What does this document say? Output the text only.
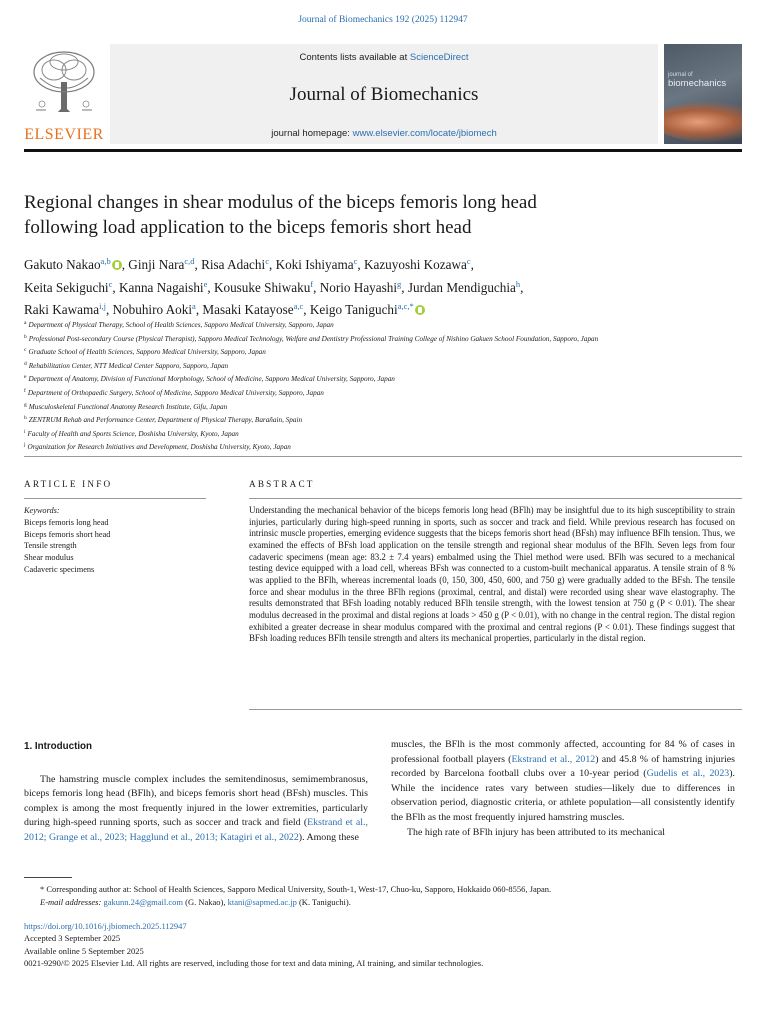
Journal of Biomechanics 192 (2025) 112947
ELSEVIER
Contents lists available at ScienceDirect
Journal of Biomechanics
journal homepage: www.elsevier.com/locate/jbiomech
journal of
biomechanics
Regional changes in shear modulus of the biceps femoris long head
following load application to the biceps femoris short head
Gakuto Nakao$^{a,b}$ , Ginji Nara$^{c,d}$, Risa Adachi$^c$, Koki Ishiyama$^c$, Kazuyoshi Kozawa$^c$,
Keita Sekiguchi$^c$, Kanna Nagaishi$^e$, Kousuke Shiwaku$^f$, Norio Hayashi$^g$, Jurdan Mendiguchia$^h$,
Raki Kawama$^{i,j}$, Nobuhiro Aoki$^a$, Masaki Katayose$^{a,c}$, Keigo Taniguchi$^{a,c,*}$
$^a$ Department of Physical Therapy, School of Health Sciences, Sapporo Medical University, Sapporo, Japan
$^b$ Professional Post-secondary Course (Physical Therapist), Sapporo Medical Technology, Welfare and Dentistry Professional Training College of Nishino Gakuen School Foundation, Sapporo, Japan
$^c$ Graduate School of Health Sciences, Sapporo Medical University, Sapporo, Japan
$^d$ Rehabilitation Center, NTT Medical Center Sapporo, Sapporo, Japan
$^e$ Department of Anatomy, Division of Functional Morphology, School of Medicine, Sapporo Medical University, Sapporo, Japan
$^f$ Department of Orthopaedic Surgery, School of Medicine, Sapporo Medical University, Sapporo, Japan
$^g$ Musculoskeletal Functional Anatomy Research Institute, Gifu, Japan
$^h$ ZENTRUM Rehab and Performance Center, Department of Physical Therapy, Barañain, Spain
$^i$ Faculty of Health and Sports Science, Doshisha University, Kyoto, Japan
$^j$ Organization for Research Initiatives and Development, Doshisha University, Kyoto, Japan
ARTICLE INFO	ABSTRACT
Keywords:
Biceps femoris long head
Biceps femoris short head
Tensile strength
Shear modulus
Cadaveric specimens
Understanding the mechanical behavior of the biceps femoris long head (BFlh) may be insightful due to its high susceptibility to strain injuries, particularly during high-speed running in sports, such as soccer and track and field. While previous research has focused on intrinsic muscle properties, emerging evidence suggests that the biceps femoris short head (BFsh) may influence BFlh tension. Thus, we examined the effects of BFsh load application on the tensile strength and regional shear modulus of the BFlh. Seven legs from four cadaveric specimens (mean age: 83.2 ± 7.4 years) embalmed using the Thiel method were used. BFlh was secured to a mechanical testing device equipped with a load cell, whereas BFsh was connected to a custom-built mechanical apparatus. A tensile strain of 8 % was applied to the BFlh, whereas incremental loads (0, 150, 300, 450, 600, and 750 g) were gradually added to the BFsh. The tensile force and shear modulus in the three BFlh regions (proximal, central, and distal) were recorded using shear wave elastography. The results demonstrated that BFsh loading notably reduced BFlh tensile strength, with the lowest tension at 750 g (P < 0.01). The shear modulus decreased in the proximal and distal regions at loads > 450 g (P < 0.01), with no change in the central region. The distal region exhibited a greater decrease in shear modulus compared with the proximal and central regions (P < 0.01). These findings suggest that BFsh loading reduces BFlh tensile strength and alters its mechanical properties, particularly in the distal region.
1. Introduction

The hamstring muscle complex includes the semitendinosus, semimembranosus, biceps femoris long head (BFlh), and biceps femoris short head (BFsh) muscles. This complex is among the most frequently injured in the lower extremities, particularly during high-speed running sports, such as soccer and track and field (Ekstrand et al., 2012; Grange et al., 2023; Hagglund et al., 2013; Katagiri et al., 2022). Among these

muscles, the BFlh is the most commonly affected, accounting for 84 % of cases in professional football players (Ekstrand et al., 2012) and 45.8 % of hamstring injuries recorded by Barcelona football clubs over a 10-year period (Gudelis et al., 2023). While the incidence rates vary between studies—likely due to differences in observation period, diagnostic criteria, or athlete population—all consistently identify the BFlh as the most frequently injured hamstring muscles.

The high rate of BFlh injury has been attributed to its mechanical

* Corresponding author at: School of Health Sciences, Sapporo Medical University, South-1, West-17, Chuo-ku, Sapporo, Hokkaido 060-8556, Japan.
E-mail addresses: gakunn.24@gmail.com (G. Nakao), ktani@sapmed.ac.jp (K. Taniguchi).
https://doi.org/10.1016/j.jbiomech.2025.112947
Accepted 3 September 2025
Available online 5 September 2025
0021-9290/© 2025 Elsevier Ltd. All rights are reserved, including those for text and data mining, AI training, and similar technologies.
